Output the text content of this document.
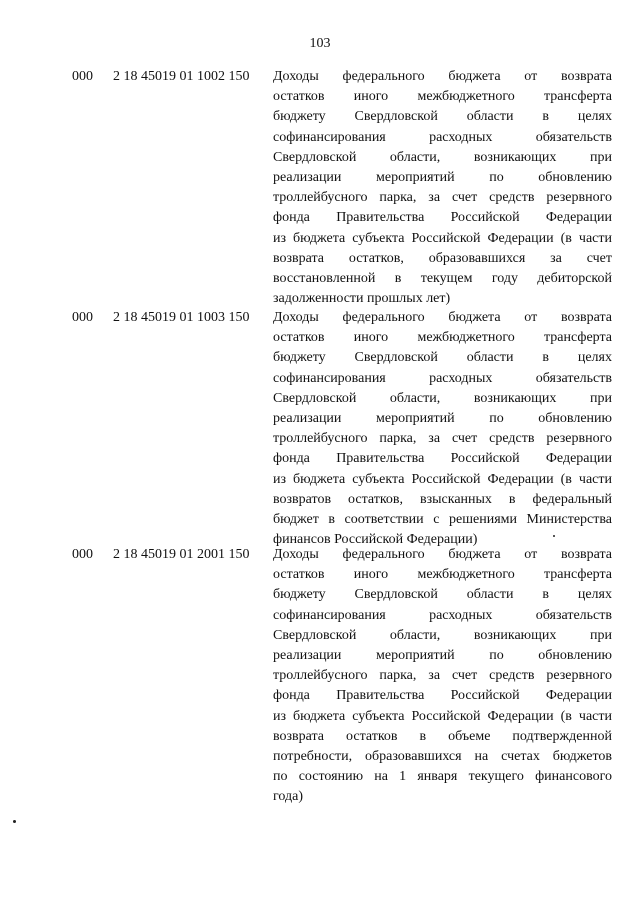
103
000 2 18 45019 01 1002 150 Доходы федерального бюджета от возврата
остатков иного межбюджетного трансферта
бюджету Свердловской области в целях
софинансирования расходных обязательств
Свердловской области, возникающих при
реализации мероприятий по обновлению
троллейбусного парка, за счет средств резервного
фонда Правительства Российской Федерации
из бюджета субъекта Российской Федерации (в части
возврата остатков, образовавшихся за счет
восстановленной в текущем году дебиторской
задолженности прошлых лет)
000 2 18 45019 01 1003 150 Доходы федерального бюджета от возврата
остатков иного межбюджетного трансферта
бюджету Свердловской области в целях
софинансирования расходных обязательств
Свердловской области, возникающих при
реализации мероприятий по обновлению
троллейбусного парка, за счет средств резервного
фонда Правительства Российской Федерации
из бюджета субъекта Российской Федерации (в части
возвратов остатков, взысканных в федеральный
бюджет в соответствии с решениями Министерства
финансов Российской Федерации)
000 2 18 45019 01 2001 150 Доходы федерального бюджета от возврата
остатков иного межбюджетного трансферта
бюджету Свердловской области в целях
софинансирования расходных обязательств
Свердловской области, возникающих при
реализации мероприятий по обновлению
троллейбусного парка, за счет средств резервного
фонда Правительства Российской Федерации
из бюджета субъекта Российской Федерации (в части
возврата остатков в объеме подтвержденной
потребности, образовавшихся на счетах бюджетов
по состоянию на 1 января текущего финансового
года)
